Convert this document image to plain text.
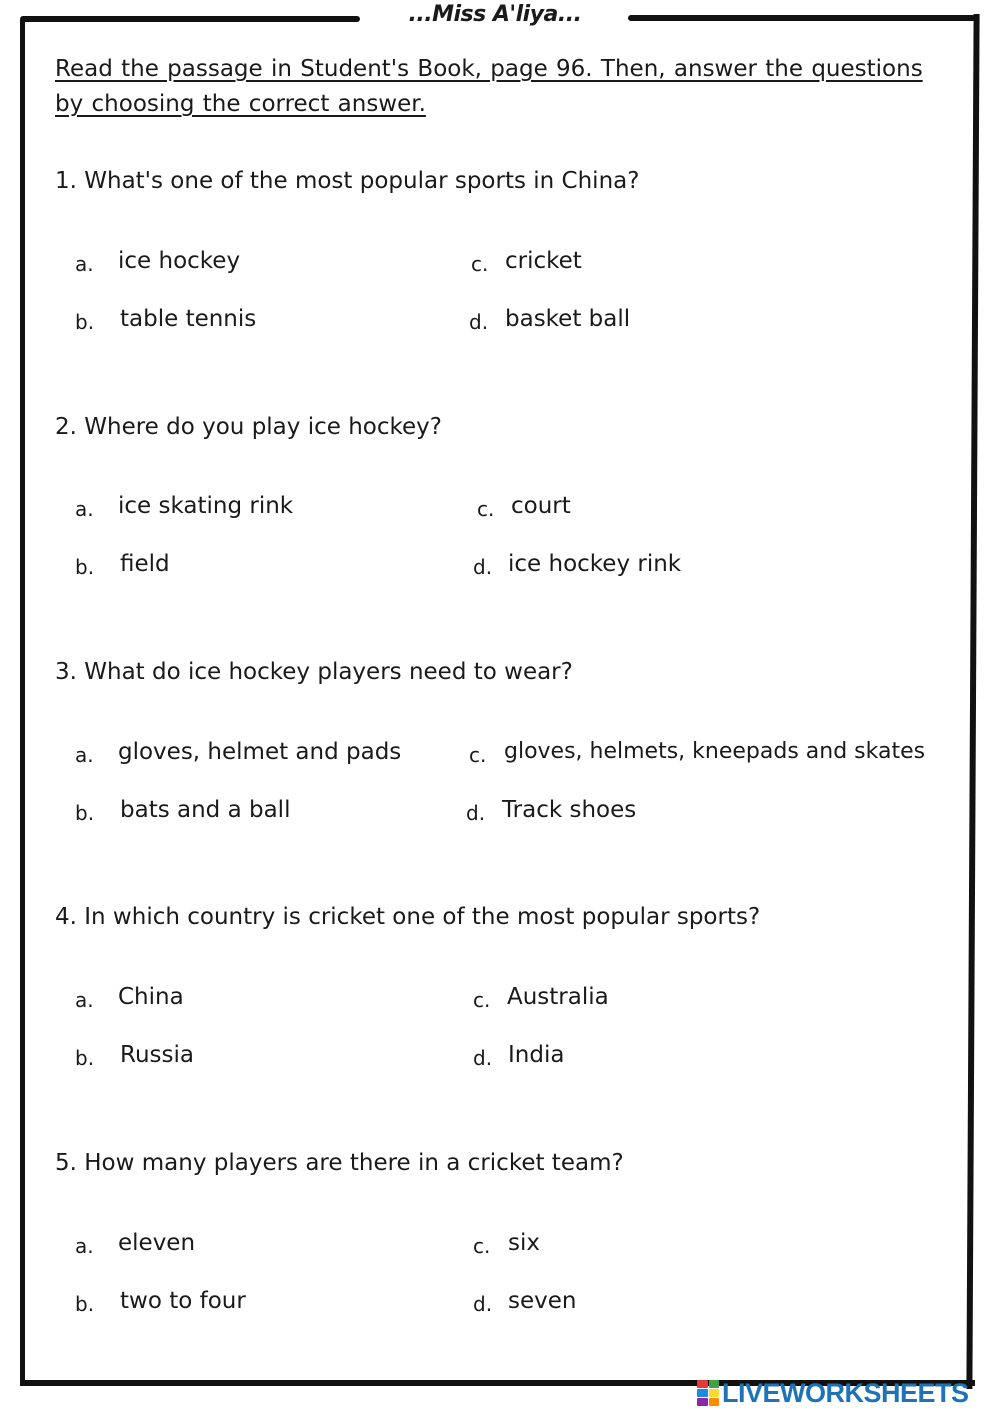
...Miss A'liya...
Read the passage in Student's Book, page 96. Then, answer the questions by choosing the correct answer.
1. What's one of the most popular sports in China?
a. ice hockey
b. table tennis
c. cricket
d. basket ball
2. Where do you play ice hockey?
a. ice skating rink
b. field
c. court
d. ice hockey rink
3. What do ice hockey players need to wear?
a. gloves, helmet and pads
b. bats and a ball
c. gloves, helmets, kneepads and skates
d. Track shoes
4. In which country is cricket one of the most popular sports?
a. China
b. Russia
c. Australia
d. India
5. How many players are there in a cricket team?
a. eleven
b. two to four
c. six
d. seven
LIVEWORKSHEETS
